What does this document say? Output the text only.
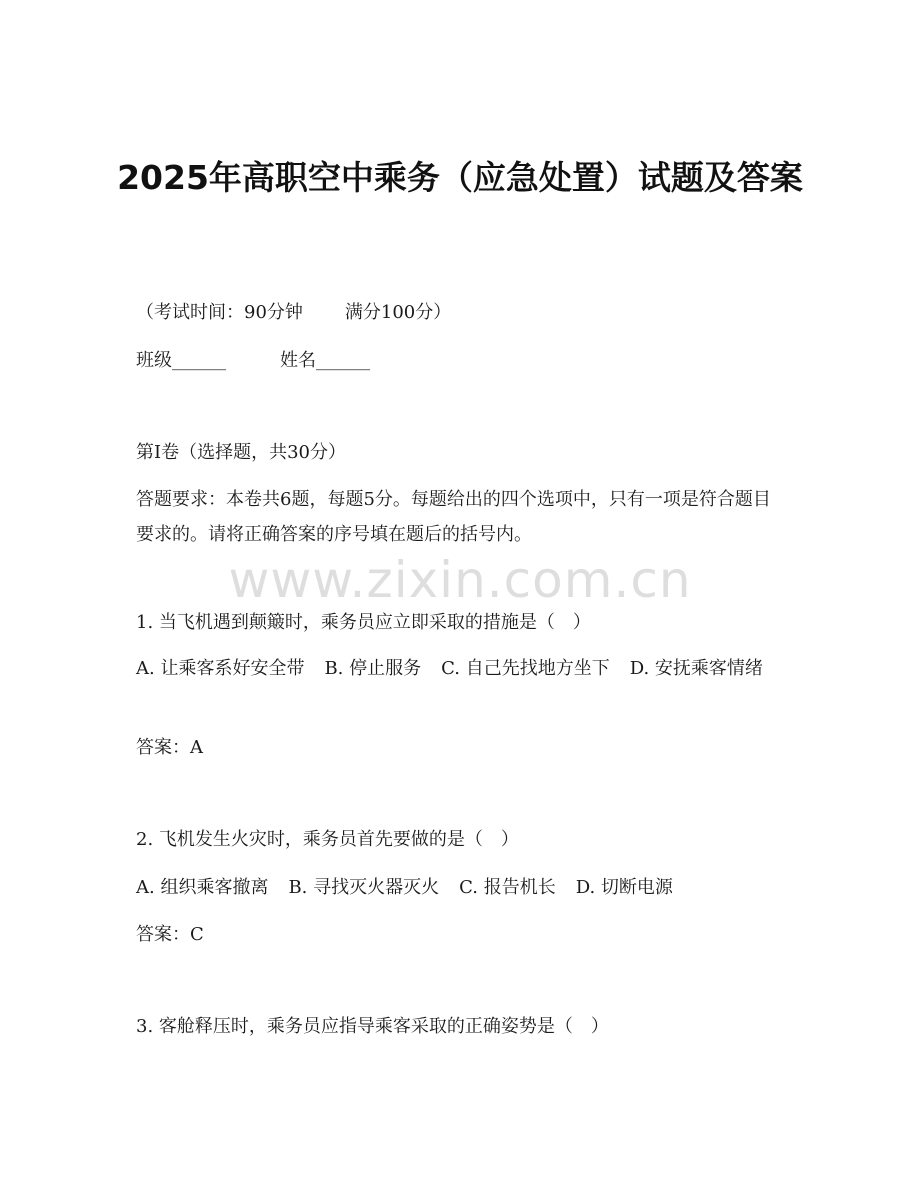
2025年高职空中乘务（应急处置）试题及答案
（考试时间：90分钟 满分100分）
班级______	姓名______
第I卷（选择题，共30分）
答题要求：本卷共6题，每题5分。每题给出的四个选项中，只有一项是符合题目要求的。请将正确答案的序号填在题后的括号内。
www.zixin.com.cn
1. 当飞机遇到颠簸时，乘务员应立即采取的措施是（　）
A. 让乘客系好安全带 B. 停止服务 C. 自己先找地方坐下 D. 安抚乘客情绪
答案：A
2. 飞机发生火灾时，乘务员首先要做的是（　）
A. 组织乘客撤离 B. 寻找灭火器灭火 C. 报告机长 D. 切断电源
答案：C
3. 客舱释压时，乘务员应指导乘客采取的正确姿势是（　）
